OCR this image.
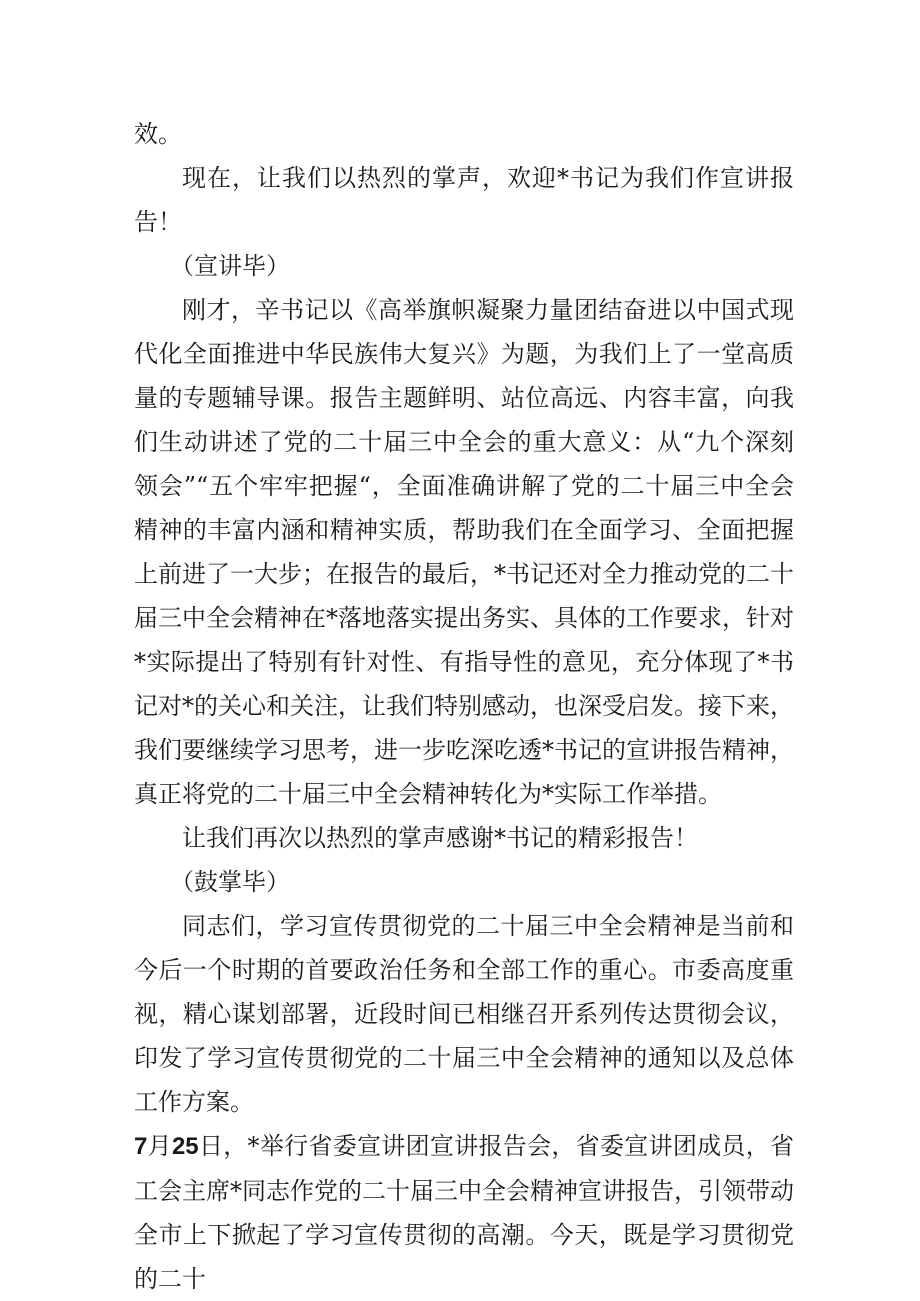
效。

现在，让我们以热烈的掌声，欢迎*书记为我们作宣讲报告！

（宣讲毕）

刚才，辛书记以《高举旗帜凝聚力量团结奋进以中国式现代化全面推进中华民族伟大复兴》为题，为我们上了一堂高质量的专题辅导课。报告主题鲜明、站位高远、内容丰富，向我们生动讲述了党的二十届三中全会的重大意义：从“九个深刻领会”“五个牢牢把握“，全面准确讲解了党的二十届三中全会精神的丰富内涵和精神实质，帮助我们在全面学习、全面把握上前进了一大步；在报告的最后，*书记还对全力推动党的二十届三中全会精神在*落地落实提出务实、具体的工作要求，针对*实际提出了特别有针对性、有指导性的意见，充分体现了*书记对*的关心和关注，让我们特别感动，也深受启发。接下来，我们要继续学习思考，进一步吃深吃透*书记的宣讲报告精神，真正将党的二十届三中全会精神转化为*实际工作举措。

让我们再次以热烈的掌声感谢*书记的精彩报告！

（鼓掌毕）

同志们，学习宣传贯彻党的二十届三中全会精神是当前和今后一个时期的首要政治任务和全部工作的重心。市委高度重视，精心谋划部署，近段时间已相继召开系列传达贯彻会议，印发了学习宣传贯彻党的二十届三中全会精神的通知以及总体工作方案。

7月25日，*举行省委宣讲团宣讲报告会，省委宣讲团成员，省工会主席*同志作党的二十届三中全会精神宣讲报告，引领带动全市上下掀起了学习宣传贯彻的高潮。今天，既是学习贯彻党的二十
